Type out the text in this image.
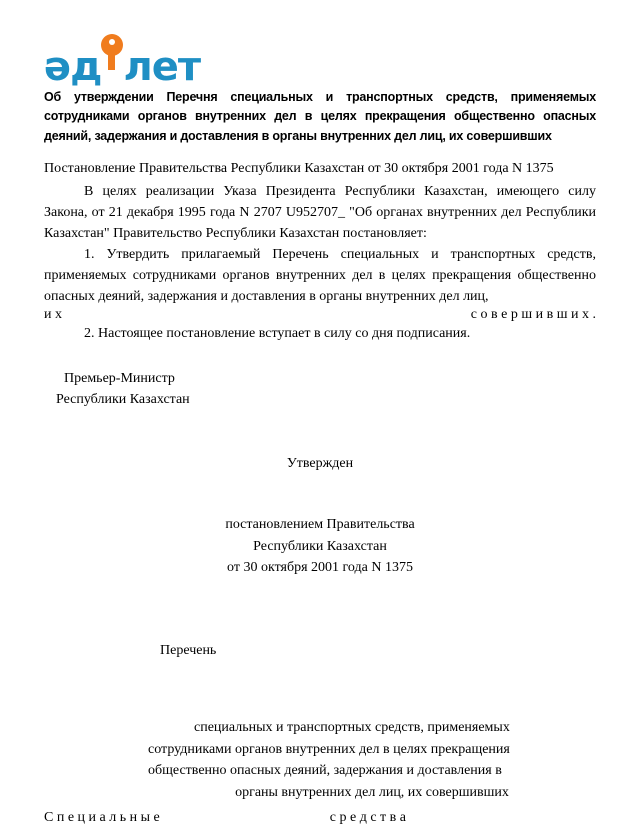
ә д лет

Об утверждении Перечня специальных и транспортных средств, применяемых сотрудниками органов внутренних дел в целях прекращения общественно опасных деяний, задержания и доставления в органы внутренних дел лиц, их совершивших

Постановление Правительства Республики Казахстан от 30 октября 2001 года N 1375

В целях реализации Указа Президента Республики Казахстан, имеющего силу Закона, от 21 декабря 1995 года N 2707 U952707_ "Об органах внутренних дел Республики Казахстан" Правительство Республики Казахстан постановляет:

1. Утвердить прилагаемый Перечень специальных и транспортных средств, применяемых сотрудниками органов внутренних дел в целях прекращения общественно опасных деяний, задержания и доставления в органы внутренних дел лиц,

и х	с о в е р ш и в ш и х .

2. Настоящее постановление вступает в силу со дня подписания.

Премьер-Министр
Республики Казахстан
Утвержден
постановлением Правительства
Республики Казахстан
от 30 октября 2001 года N 1375
Перечень
специальных и транспортных средств, применяемых
сотрудниками органов внутренних дел в целях прекращения
общественно опасных деяний, задержания и доставления в
органы внутренних дел лиц, их совершивших
С п е ц и а л ь н ы е	с р е д с т в а
